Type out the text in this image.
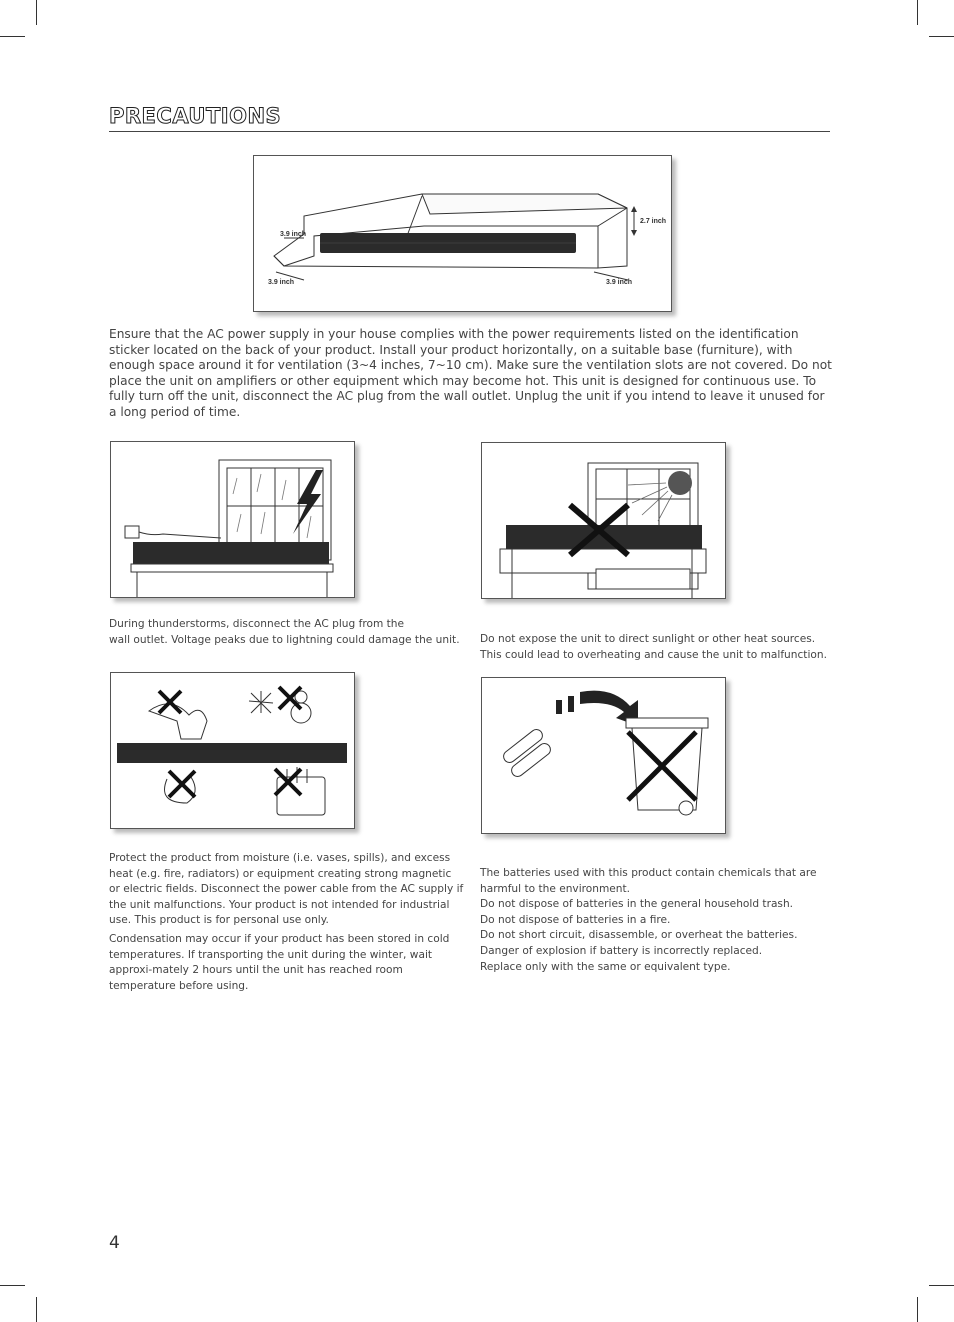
PRECAUTIONS
3.9 inch
3.9 inch	3.9 inch
2.7 inch

Ensure that the AC power supply in your house complies with the power requirements listed on the identification sticker located on the back of your product. Install your product horizontally, on a suitable base (furniture), with enough space around it for ventilation (3~4 inches, 7~10 cm). Make sure the ventilation slots are not covered. Do not place the unit on amplifiers or other equipment which may become hot. This unit is designed for continuous use. To fully turn off the unit, disconnect the AC plug from the wall outlet. Unplug the unit if you intend to leave it unused for a long period of time.

During thunderstorms, disconnect the AC plug from the

wall outlet. Voltage peaks due to lightning could damage the unit.	Do not expose the unit to direct sunlight or other heat sources.

This could lead to overheating and cause the unit to malfunction.

Protect the product from moisture (i.e. vases, spills), and excess heat (e.g. fire, radiators) or equipment creating strong magnetic or electric fields. Disconnect the power cable from the AC supply if the unit malfunctions. Your product is not intended for industrial use. This product is for personal use only.

Condensation may occur if your product has been stored in cold temperatures. If transporting the unit during the winter, wait approxi-mately 2 hours until the unit has reached room temperature before using.

The batteries used with this product contain chemicals that are

harmful to the environment.

Do not dispose of batteries in the general household trash.

Do not dispose of batteries in a fire.

Do not short circuit, disassemble, or overheat the batteries.

Danger of explosion if battery is incorrectly replaced.

Replace only with the same or equivalent type.

4
